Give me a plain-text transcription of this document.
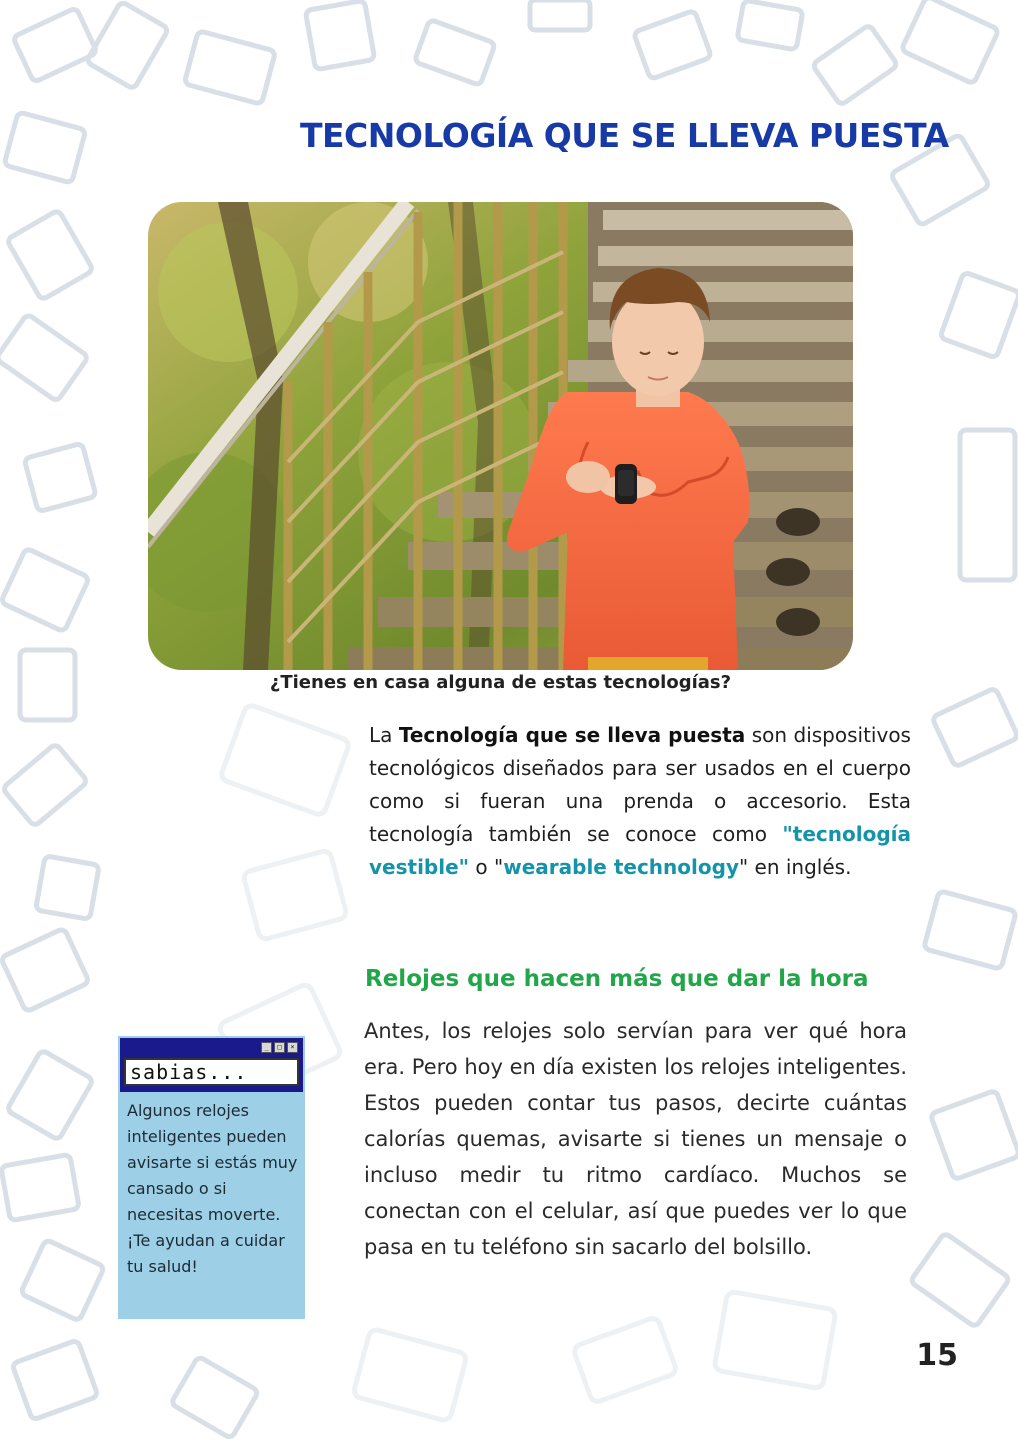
TECNOLOGÍA QUE SE LLEVA PUESTA
¿Tienes en casa alguna de estas tecnologías?

La Tecnología que se lleva puesta son dispositivos tecnológicos diseñados para ser usados en el cuerpo como si fueran una prenda o accesorio. Esta tecnología también se conoce como "tecnología vestible" o "wearable technology" en inglés.

Relojes que hacen más que dar la hora

Antes, los relojes solo servían para ver qué hora era. Pero hoy en día existen los relojes inteligentes. Estos pueden contar tus pasos, decirte cuántas calorías quemas, avisarte si tienes un mensaje o incluso medir tu ritmo cardíaco. Muchos se conectan con el celular, así que puedes ver lo que pasa en tu teléfono sin sacarlo del bolsillo.

_	□	×
sabias...

Algunos relojes inteligentes pueden avisarte si estás muy cansado o si necesitas moverte. ¡Te ayudan a cuidar tu salud!

15
